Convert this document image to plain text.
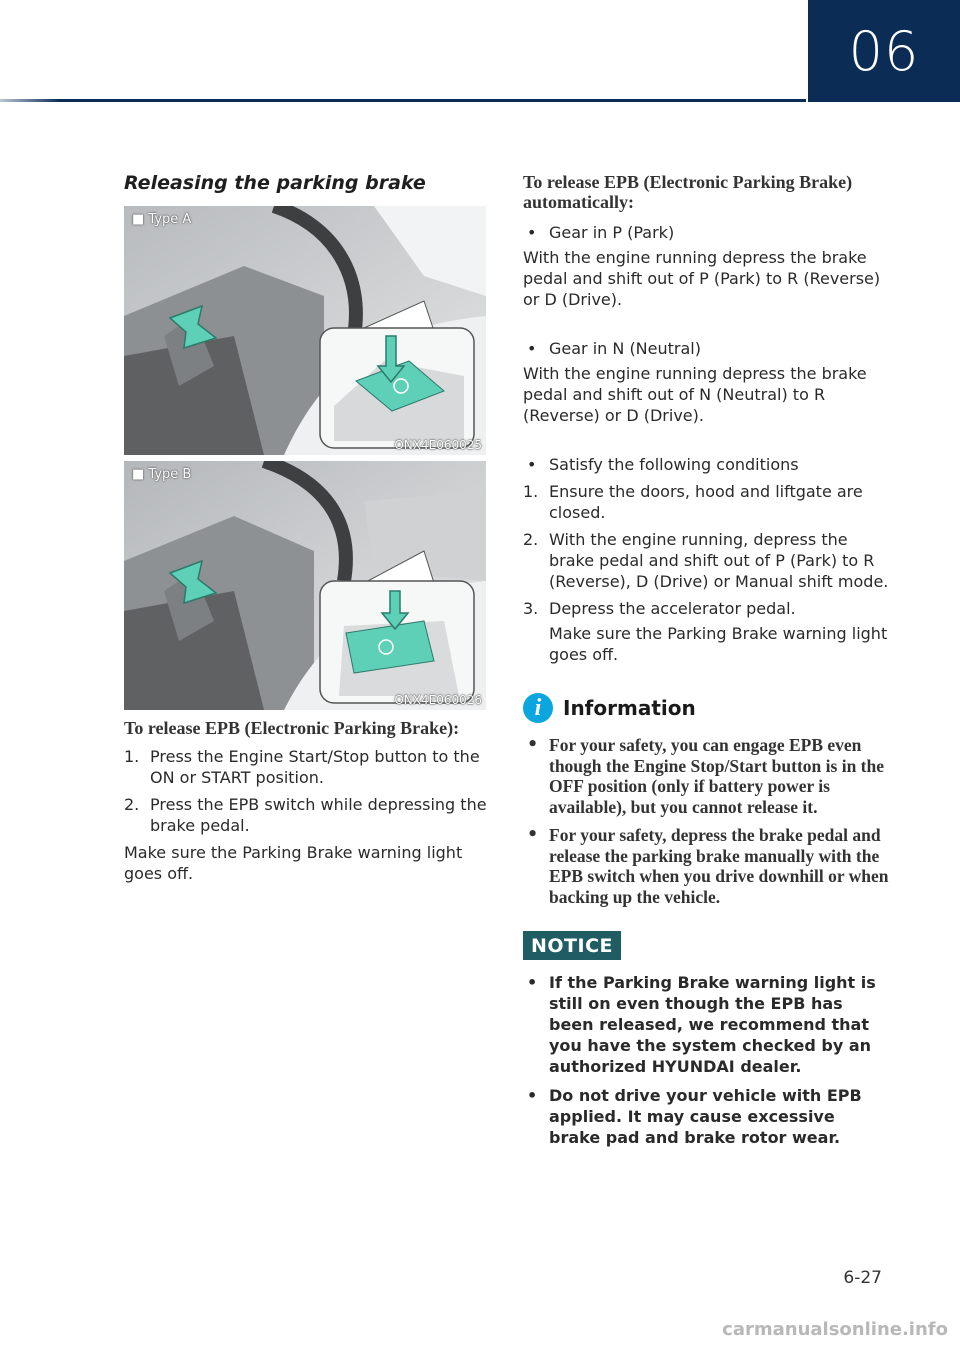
06
Releasing the parking brake
■ Type A
ONX4E060025
■ Type B
ONX4E060026
To release EPB (Electronic Parking Brake):
1. Press the Engine Start/Stop button to the ON or START position.
2. Press the EPB switch while depressing the brake pedal.
Make sure the Parking Brake warning light goes off.
To release EPB (Electronic Parking Brake) automatically:
• Gear in P (Park)
With the engine running depress the brake pedal and shift out of P (Park) to R (Reverse) or D (Drive).
• Gear in N (Neutral)
With the engine running depress the brake pedal and shift out of N (Neutral) to R (Reverse) or D (Drive).
• Satisfy the following conditions
1. Ensure the doors, hood and liftgate are closed.
2. With the engine running, depress the brake pedal and shift out of P (Park) to R (Reverse), D (Drive) or Manual shift mode.
3. Depress the accelerator pedal.
Make sure the Parking Brake warning light goes off.
i	Information
• For your safety, you can engage EPB even though the Engine Stop/Start button is in the OFF position (only if battery power is available), but you cannot release it.
• For your safety, depress the brake pedal and release the parking brake manually with the EPB switch when you drive downhill or when backing up the vehicle.
NOTICE
• If the Parking Brake warning light is still on even though the EPB has been released, we recommend that you have the system checked by an authorized HYUNDAI dealer.
• Do not drive your vehicle with EPB applied. It may cause excessive brake pad and brake rotor wear.
6-27
carmanualsonline.info
